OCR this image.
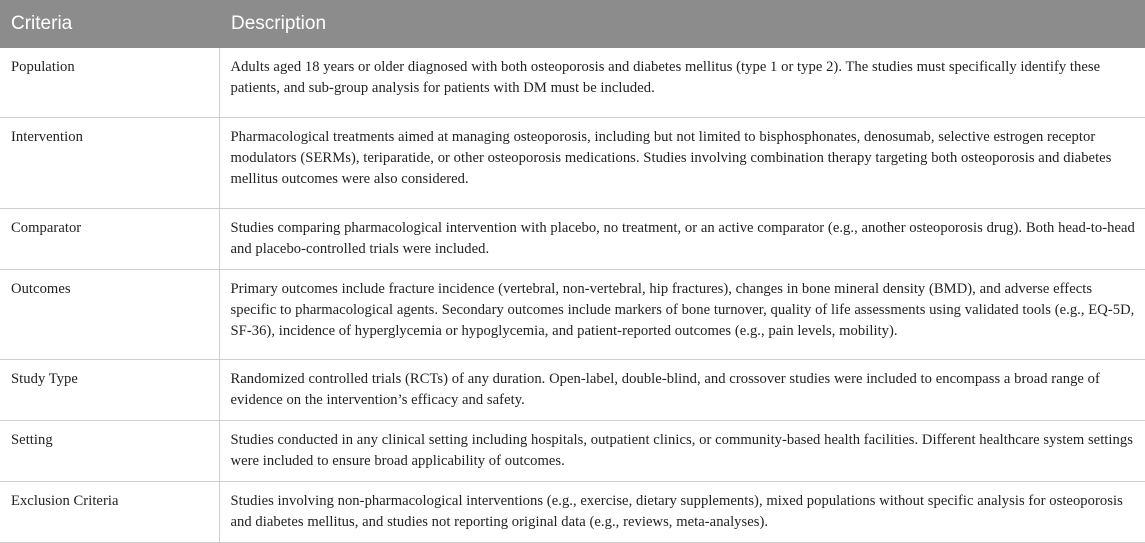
Criteria	Description
Population	Adults aged 18 years or older diagnosed with both osteoporosis and diabetes mellitus (type 1 or type 2). The studies must specifically identify these patients, and sub-group analysis for patients with DM must be included.
Intervention	Pharmacological treatments aimed at managing osteoporosis, including but not limited to bisphosphonates, denosumab, selective estrogen receptor modulators (SERMs), teriparatide, or other osteoporosis medications. Studies involving combination therapy targeting both osteoporosis and diabetes mellitus outcomes were also considered.
Comparator	Studies comparing pharmacological intervention with placebo, no treatment, or an active comparator (e.g., another osteoporosis drug). Both head-to-head and placebo-controlled trials were included.
Outcomes	Primary outcomes include fracture incidence (vertebral, non-vertebral, hip fractures), changes in bone mineral density (BMD), and adverse effects specific to pharmacological agents. Secondary outcomes include markers of bone turnover, quality of life assessments using validated tools (e.g., EQ-5D, SF-36), incidence of hyperglycemia or hypoglycemia, and patient-reported outcomes (e.g., pain levels, mobility).
Study Type	Randomized controlled trials (RCTs) of any duration. Open-label, double-blind, and crossover studies were included to encompass a broad range of evidence on the intervention’s efficacy and safety.
Setting	Studies conducted in any clinical setting including hospitals, outpatient clinics, or community-based health facilities. Different healthcare system settings were included to ensure broad applicability of outcomes.
Exclusion Criteria	Studies involving non-pharmacological interventions (e.g., exercise, dietary supplements), mixed populations without specific analysis for osteoporosis and diabetes mellitus, and studies not reporting original data (e.g., reviews, meta-analyses).
